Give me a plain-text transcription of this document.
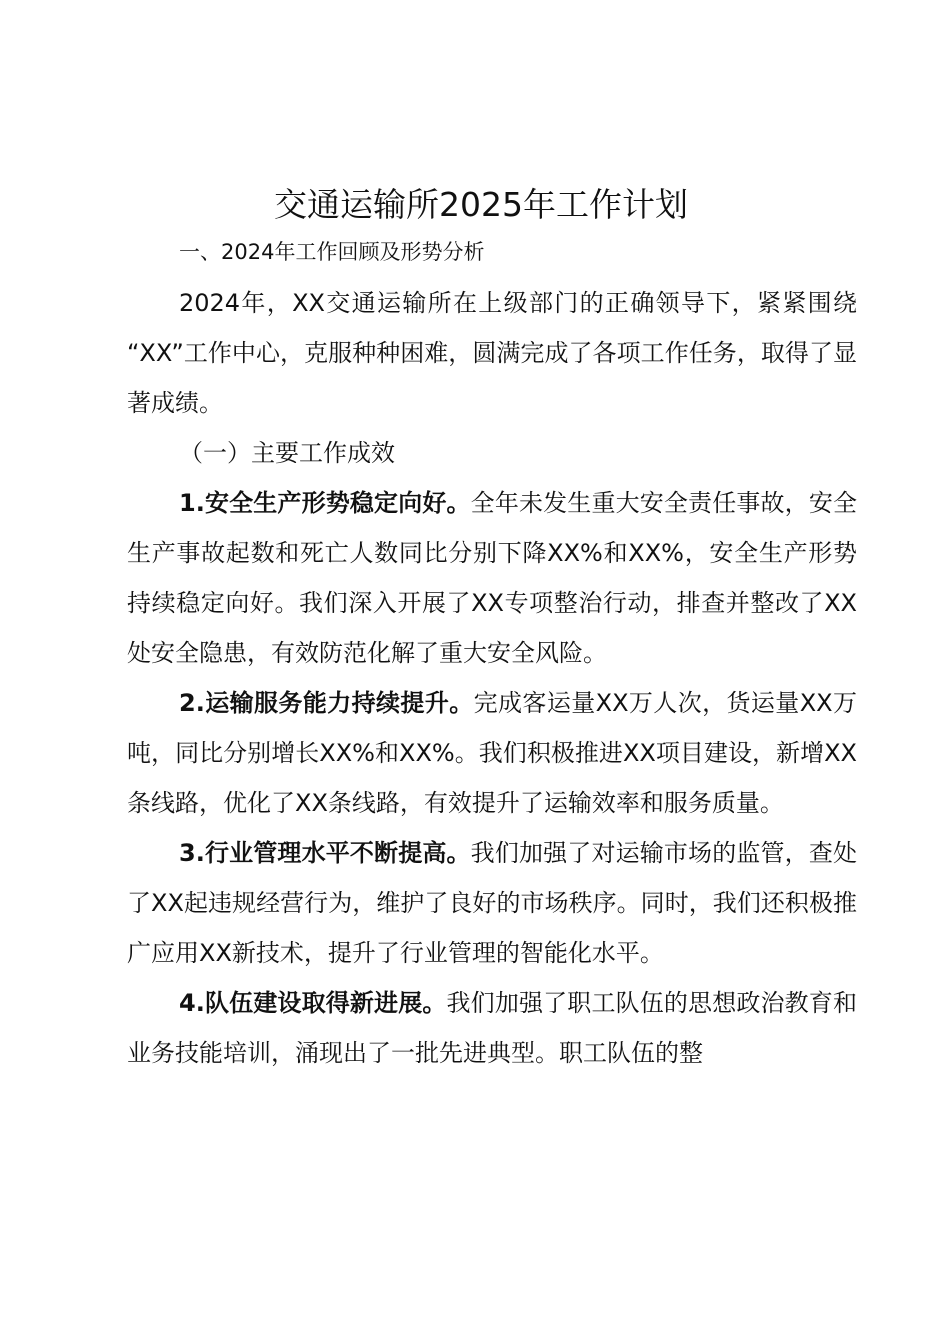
交通运输所2025年工作计划

一、2024年工作回顾及形势分析

2024年，XX交通运输所在上级部门的正确领导下，紧紧围绕 “XX”工作中心，克服种种困难，圆满完成了各项工作任务，取得了显著成绩。

（一）主要工作成效

1.安全生产形势稳定向好。全年未发生重大安全责任事故，安全生产事故起数和死亡人数同比分别下降XX%和XX%，安全生产形势持续稳定向好。我们深入开展了XX专项整治行动，排查并整改了XX处安全隐患，有效防范化解了重大安全风险。

2.运输服务能力持续提升。完成客运量XX万人次，货运量XX万吨，同比分别增长XX%和XX%。我们积极推进XX项目建设，新增XX条线路，优化了XX条线路，有效提升了运输效率和服务质量。

3.行业管理水平不断提高。我们加强了对运输市场的监管，查处了XX起违规经营行为，维护了良好的市场秩序。同时，我们还积极推广应用XX新技术，提升了行业管理的智能化水平。

4.队伍建设取得新进展。我们加强了职工队伍的思想政治教育和业务技能培训，涌现出了一批先进典型。职工队伍的整
